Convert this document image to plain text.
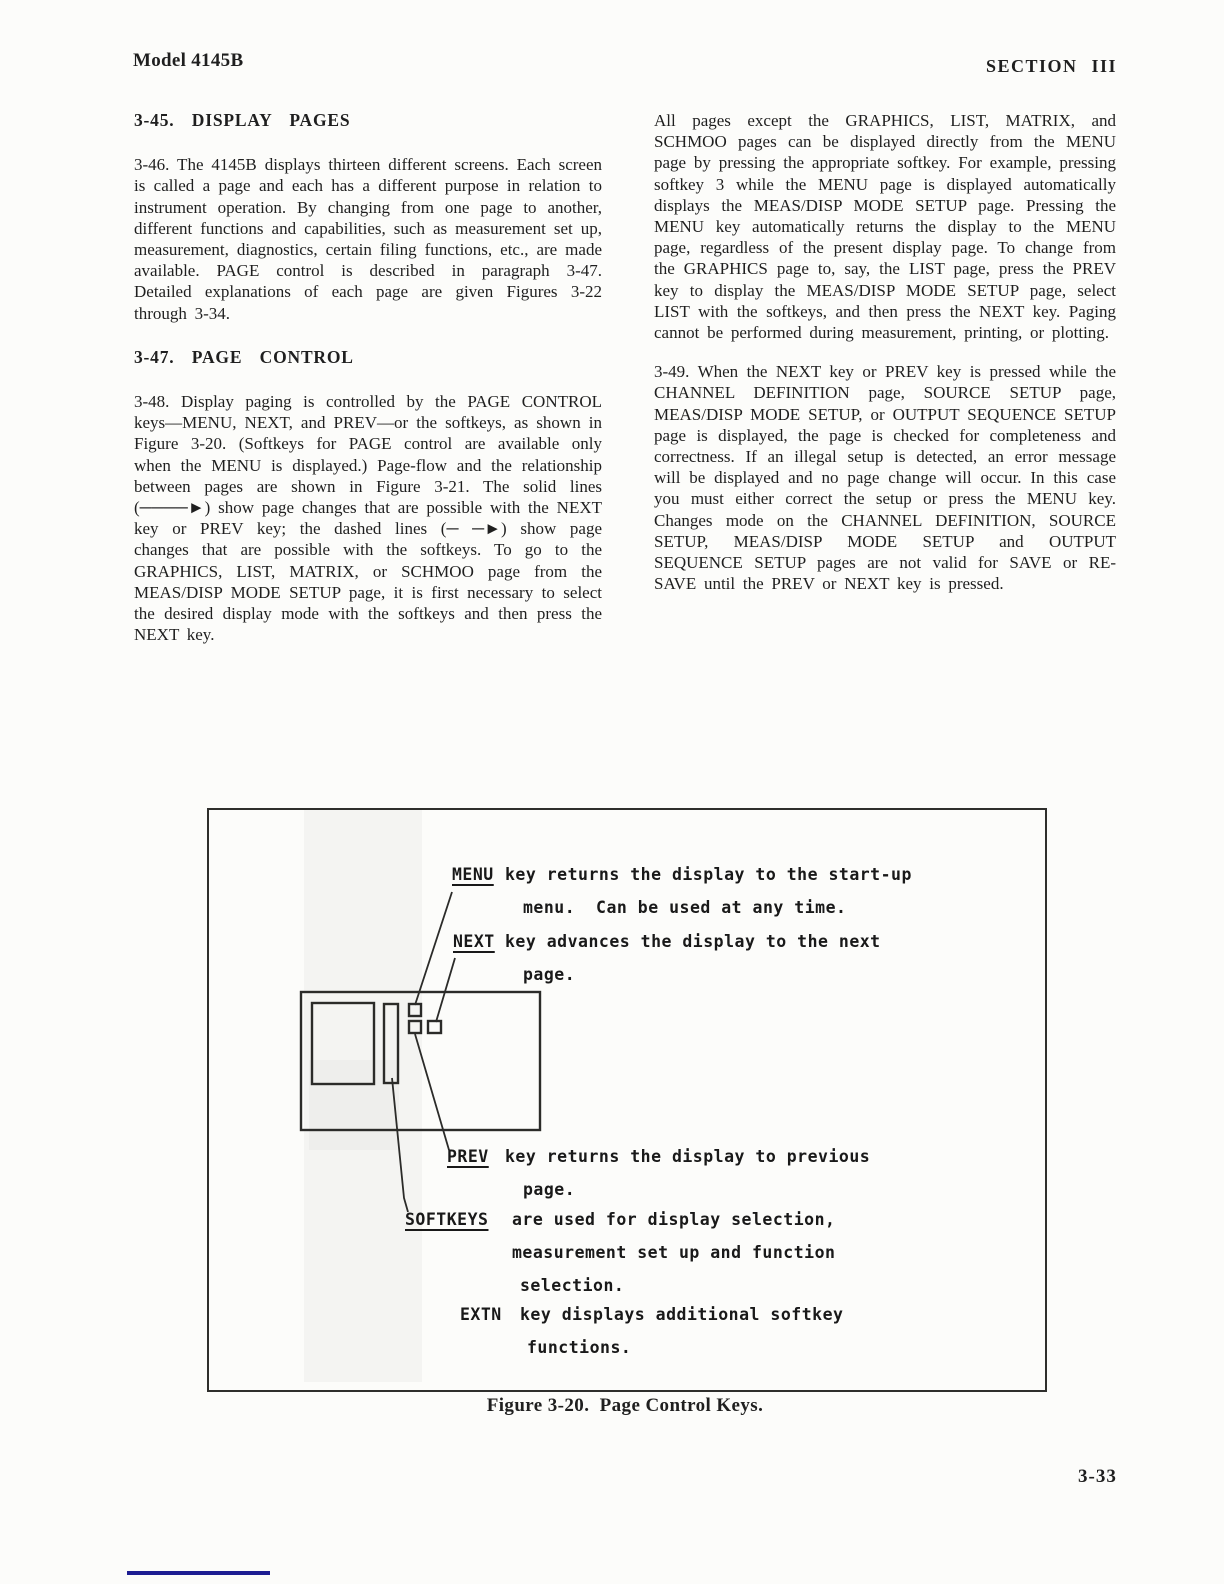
Model 4145B	SECTION III
3-45.  DISPLAY  PAGES

3-46. The 4145B displays thirteen different screens. Each screen is called a page and each has a different purpose in relation to instrument operation. By changing from one page to another, different functions and capabilities, such as measurement set up, measurement, diagnostics, certain filing functions, etc., are made available. PAGE control is described in paragraph 3-47. Detailed explanations of each page are given Figures 3-22 through 3-34.

3-47.  PAGE  CONTROL

3-48. Display paging is controlled by the PAGE CONTROL keys—MENU, NEXT, and PREV—or the softkeys, as shown in Figure 3-20. (Softkeys for PAGE control are available only when the MENU is displayed.) Page-flow and the relationship between pages are shown in Figure 3-21. The solid lines (────►) show page changes that are possible with the NEXT key or PREV key; the dashed lines (─ ─►) show page changes that are possible with the softkeys. To go to the GRAPHICS, LIST, MATRIX, or SCHMOO page from the MEAS/DISP MODE SETUP page, it is first necessary to select the desired display mode with the softkeys and then press the NEXT key.

All pages except the GRAPHICS, LIST, MATRIX, and SCHMOO pages can be displayed directly from the MENU page by pressing the appropriate softkey. For example, pressing softkey 3 while the MENU page is displayed automatically displays the MEAS/DISP MODE SETUP page. Pressing the MENU key automatically returns the display to the MENU page, regardless of the present display page. To change from the GRAPHICS page to, say, the LIST page, press the PREV key to display the MEAS/DISP MODE SETUP page, select LIST with the softkeys, and then press the NEXT key. Paging cannot be performed during measurement, printing, or plotting.

3-49. When the NEXT key or PREV key is pressed while the CHANNEL DEFINITION page, SOURCE SETUP page, MEAS/DISP MODE SETUP, or OUTPUT SEQUENCE SETUP page is displayed, the page is checked for completeness and correctness. If an illegal setup is detected, an error message will be displayed and no page change will occur. In this case you must either correct the setup or press the MENU key. Changes mode on the CHANNEL DEFINITION, SOURCE SETUP, MEAS/DISP MODE SETUP and OUTPUT SEQUENCE SETUP pages are not valid for SAVE or RE-SAVE until the PREV or NEXT key is pressed.

MENU key returns the display to the start-up
menu.  Can be used at any time.
NEXT key advances the display to the next
page.
PREV key returns the display to previous
page.
SOFTKEYS are used for display selection,
measurement set up and function
selection.
EXTN key displays additional softkey
functions.
Figure 3-20.  Page Control Keys.
3-33
